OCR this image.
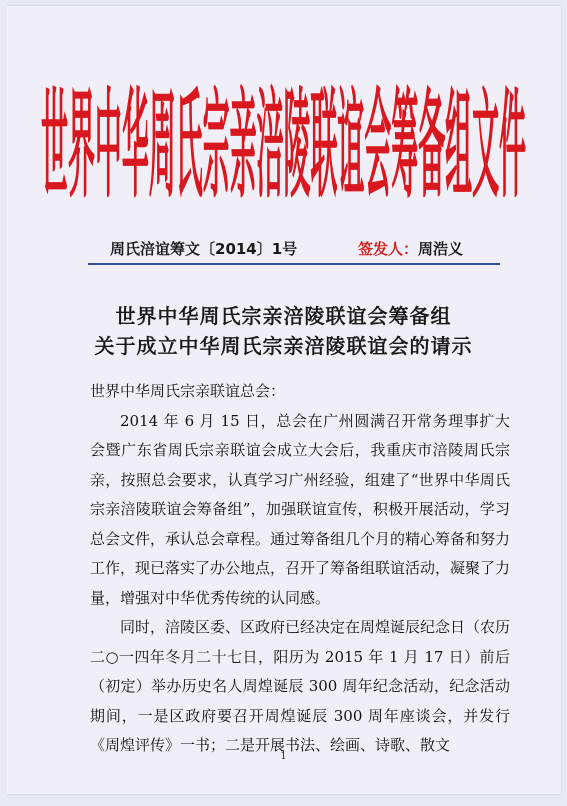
世界中华周氏宗亲涪陵联谊会筹备组文件
周氏涪谊筹文〔2014〕1号	签发人：周浩义
世界中华周氏宗亲涪陵联谊会筹备组
关于成立中华周氏宗亲涪陵联谊会的请示

世界中华周氏宗亲联谊总会：

2014 年 6 月 15 日，总会在广州圆满召开常务理事扩大会暨广东省周氏宗亲联谊会成立大会后，我重庆市涪陵周氏宗亲，按照总会要求，认真学习广州经验，组建了“世界中华周氏宗亲涪陵联谊会筹备组”，加强联谊宣传，积极开展活动，学习总会文件，承认总会章程。通过筹备组几个月的精心筹备和努力工作，现已落实了办公地点，召开了筹备组联谊活动，凝聚了力量，增强对中华优秀传统的认同感。

同时，涪陵区委、区政府已经决定在周煌诞辰纪念日（农历二○一四年冬月二十七日，阳历为 2015 年 1 月 17 日）前后（初定）举办历史名人周煌诞辰 300 周年纪念活动，纪念活动期间，一是区政府要召开周煌诞辰 300 周年座谈会，并发行《周煌评传》一书；二是开展书法、绘画、诗歌、散文

1
